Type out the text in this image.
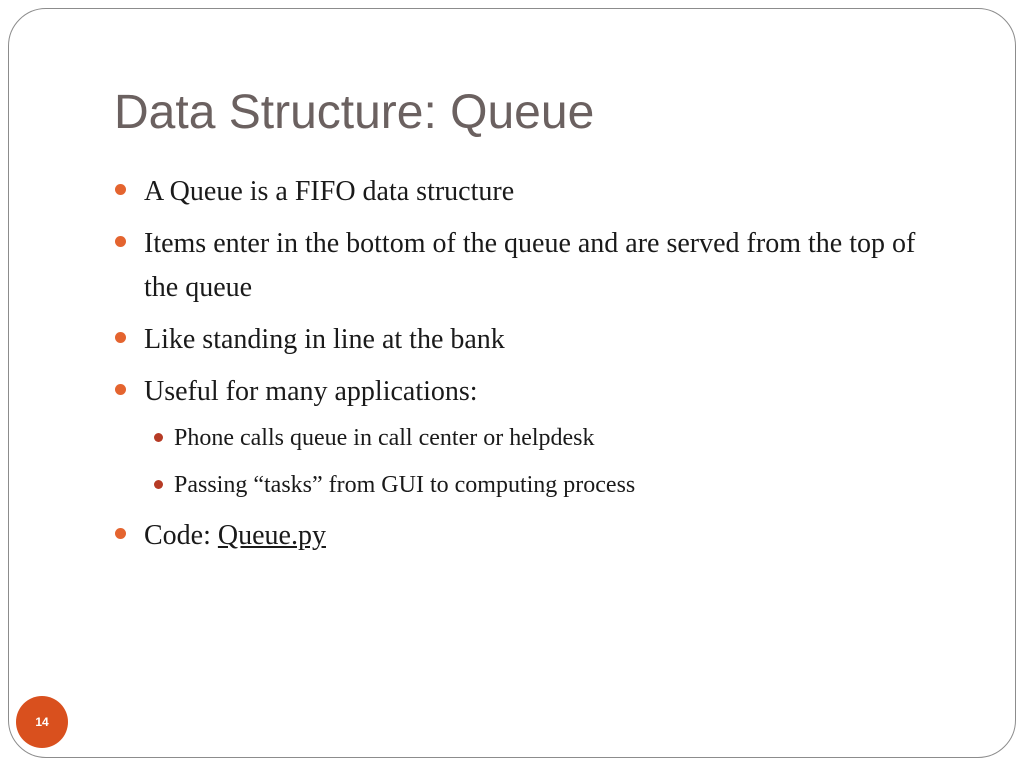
Data Structure: Queue
A Queue is a FIFO data structure
Items enter in the bottom of the queue and are served from the top of the queue
Like standing in line at the bank
Useful for many applications:
Phone calls queue in call center or helpdesk
Passing “tasks” from GUI to computing process
Code: Queue.py
14
